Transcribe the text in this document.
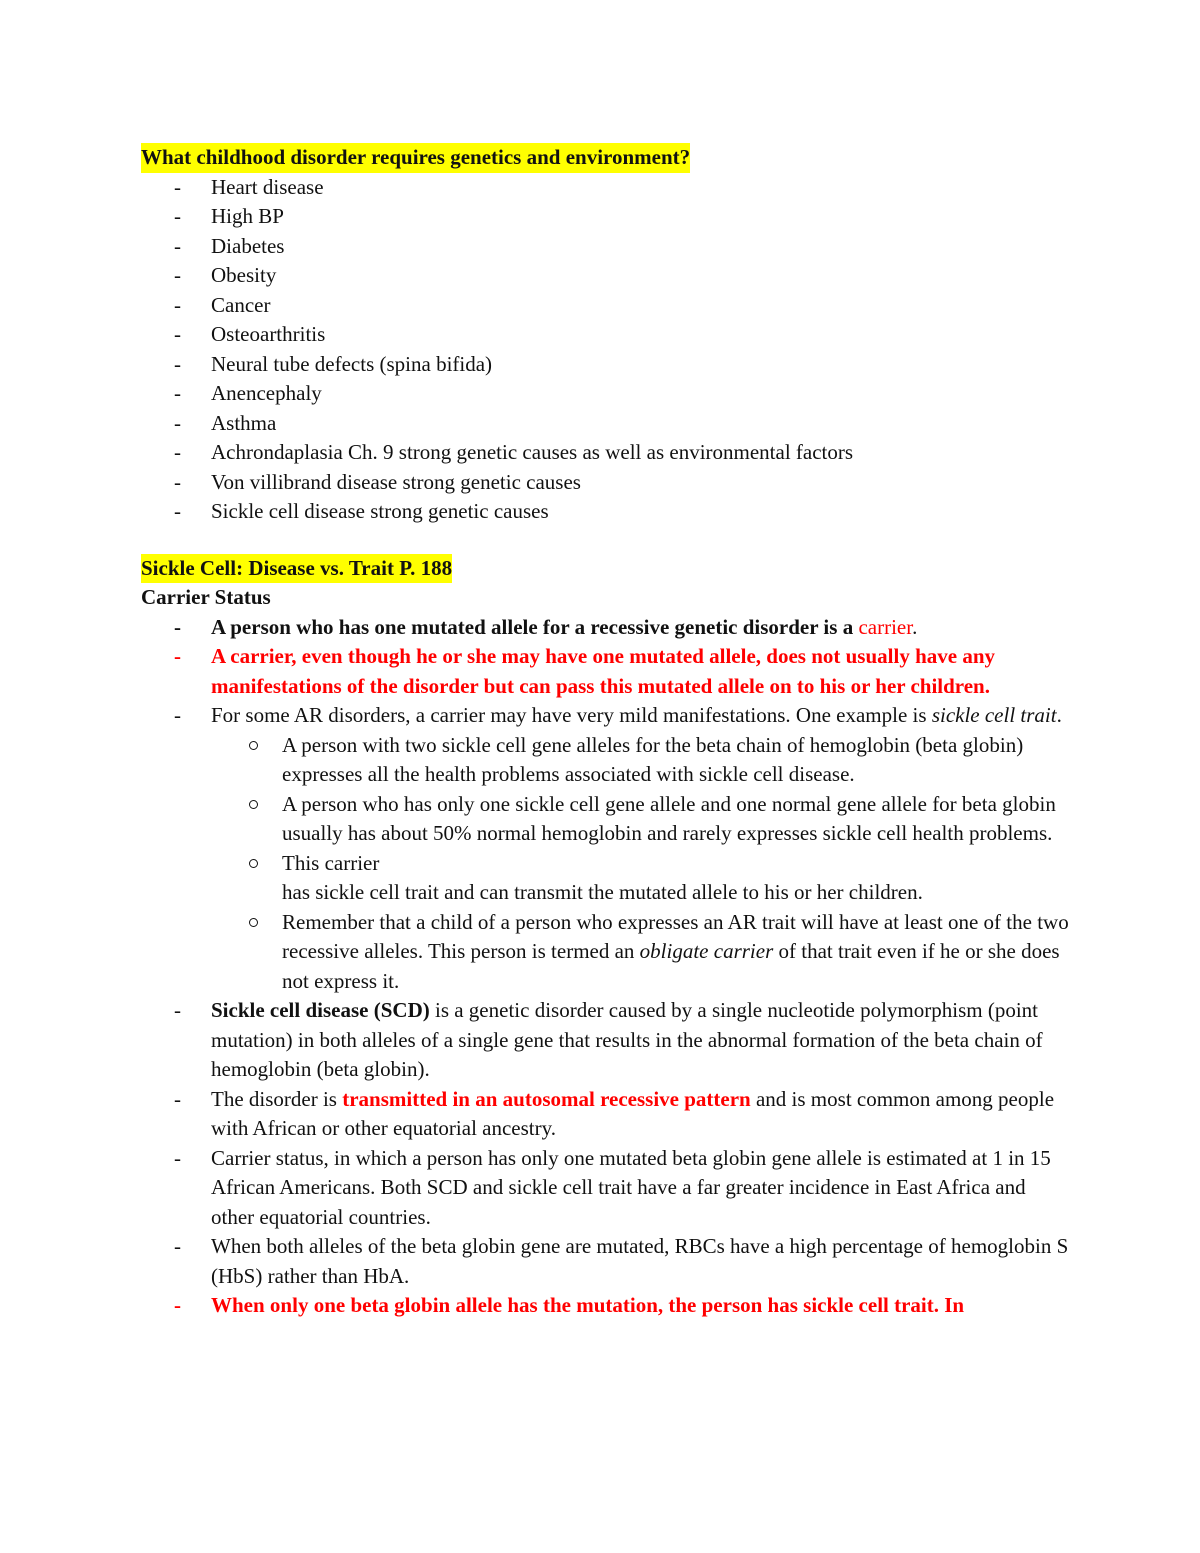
What childhood disorder requires genetics and environment?
- Heart disease
- High BP
- Diabetes
- Obesity
- Cancer
- Osteoarthritis
- Neural tube defects (spina bifida)
- Anencephaly
- Asthma
- Achrondaplasia Ch. 9 strong genetic causes as well as environmental factors
- Von villibrand disease strong genetic causes
- Sickle cell disease strong genetic causes
Sickle Cell: Disease vs. Trait P. 188
Carrier Status
- A person who has one mutated allele for a recessive genetic disorder is a carrier.
- A carrier, even though he or she may have one mutated allele, does not usually have any manifestations of the disorder but can pass this mutated allele on to his or her children.
- For some AR disorders, a carrier may have very mild manifestations. One example is sickle cell trait.
A person with two sickle cell gene alleles for the beta chain of hemoglobin (beta globin) expresses all the health problems associated with sickle cell disease.
A person who has only one sickle cell gene allele and one normal gene allele for beta globin usually has about 50% normal hemoglobin and rarely expresses sickle cell health problems.
This carrier
has sickle cell trait and can transmit the mutated allele to his or her children.
Remember that a child of a person who expresses an AR trait will have at least one of the two recessive alleles. This person is termed an obligate carrier of that trait even if he or she does not express it.
- Sickle cell disease (SCD) is a genetic disorder caused by a single nucleotide polymorphism (point mutation) in both alleles of a single gene that results in the abnormal formation of the beta chain of hemoglobin (beta globin).
- The disorder is transmitted in an autosomal recessive pattern and is most common among people with African or other equatorial ancestry.
- Carrier status, in which a person has only one mutated beta globin gene allele is estimated at 1 in 15 African Americans. Both SCD and sickle cell trait have a far greater incidence in East Africa and other equatorial countries.
- When both alleles of the beta globin gene are mutated, RBCs have a high percentage of hemoglobin S (HbS) rather than HbA.
- When only one beta globin allele has the mutation, the person has sickle cell trait. In
